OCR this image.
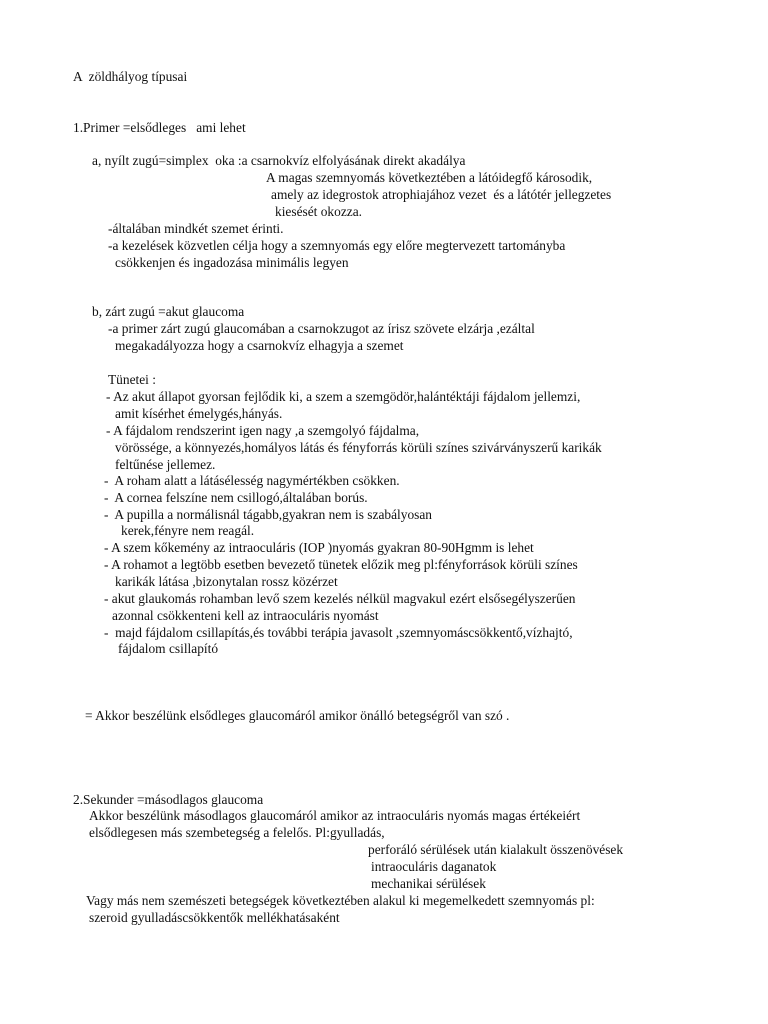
A  zöldhályog típusai
1.Primer =elsődleges   ami lehet
a, nyílt zugú=simplex  oka :a csarnokvíz elfolyásának direkt akadálya
A magas szemnyomás következtében a látóidegfő károsodik,
amely az idegrostok atrophiajához vezet  és a látótér jellegzetes
kiesését okozza.
-általában mindkét szemet érinti.
-a kezelések közvetlen célja hogy a szemnyomás egy előre megtervezett tartományba
csökkenjen és ingadozása minimális legyen
b, zárt zugú =akut glaucoma
-a primer zárt zugú glaucomában a csarnokzugot az írisz szövete elzárja ,ezáltal
megakadályozza hogy a csarnokvíz elhagyja a szemet
Tünetei :
- Az akut állapot gyorsan fejlődik ki, a szem a szemgödör,halántéktáji fájdalom jellemzi,
amit kísérhet émelygés,hányás.
- A fájdalom rendszerint igen nagy ,a szemgolyó fájdalma,
vörössége, a könnyezés,homályos látás és fényforrás körüli színes szivárványszerű karikák
feltűnése jellemez.
-  A roham alatt a látásélesség nagymértékben csökken.
-  A cornea felszíne nem csillogó,általában borús.
-  A pupilla a normálisnál tágabb,gyakran nem is szabályosan
kerek,fényre nem reagál.
- A szem kőkemény az intraoculáris (IOP )nyomás gyakran 80-90Hgmm is lehet
- A rohamot a legtöbb esetben bevezető tünetek előzik meg pl:fényforrások körüli színes
karikák látása ,bizonytalan rossz közérzet
- akut glaukomás rohamban levő szem kezelés nélkül magvakul ezért elsősegélyszerűen
azonnal csökkenteni kell az intraoculáris nyomást
-  majd fájdalom csillapítás,és további terápia javasolt ,szemnyomáscsökkentő,vízhajtó,
fájdalom csillapító
= Akkor beszélünk elsődleges glaucomáról amikor önálló betegségről van szó .
2.Sekunder =másodlagos glaucoma
Akkor beszélünk másodlagos glaucomáról amikor az intraoculáris nyomás magas értékeiért
elsődlegesen más szembetegség a felelős. Pl:gyulladás,
perforáló sérülések után kialakult összenövések
intraoculáris daganatok
mechanikai sérülések
Vagy más nem szemészeti betegségek következtében alakul ki megemelkedett szemnyomás pl:
szeroid gyulladáscsökkentők mellékhatásaként
